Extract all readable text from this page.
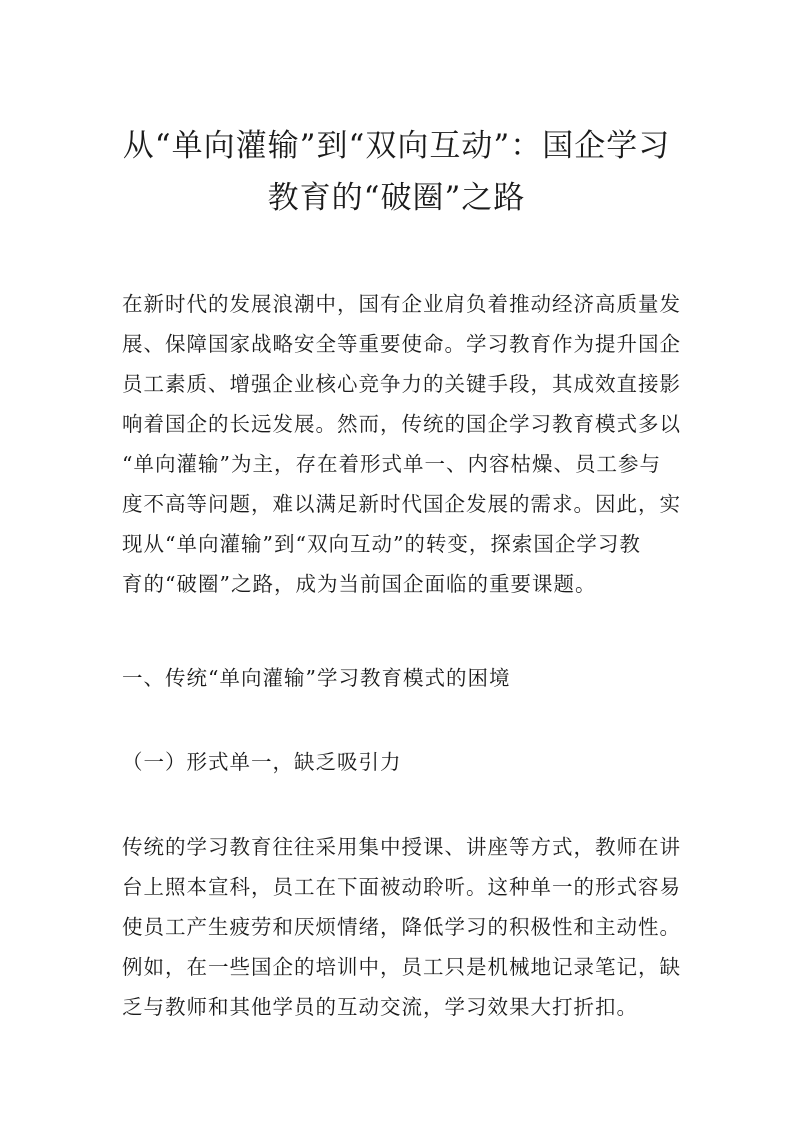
从“单向灌输”到“双向互动”：国企学习
教育的“破圈”之路

在新时代的发展浪潮中，国有企业肩负着推动经济高质量发
展、保障国家战略安全等重要使命。学习教育作为提升国企
员工素质、增强企业核心竞争力的关键手段，其成效直接影
响着国企的长远发展。然而，传统的国企学习教育模式多以
“单向灌输”为主，存在着形式单一、内容枯燥、员工参与
度不高等问题，难以满足新时代国企发展的需求。因此，实
现从“单向灌输”到“双向互动”的转变，探索国企学习教
育的“破圈”之路，成为当前国企面临的重要课题。

一、传统“单向灌输”学习教育模式的困境

（一）形式单一，缺乏吸引力

传统的学习教育往往采用集中授课、讲座等方式，教师在讲
台上照本宣科，员工在下面被动聆听。这种单一的形式容易
使员工产生疲劳和厌烦情绪，降低学习的积极性和主动性。
例如，在一些国企的培训中，员工只是机械地记录笔记，缺
乏与教师和其他学员的互动交流，学习效果大打折扣。
